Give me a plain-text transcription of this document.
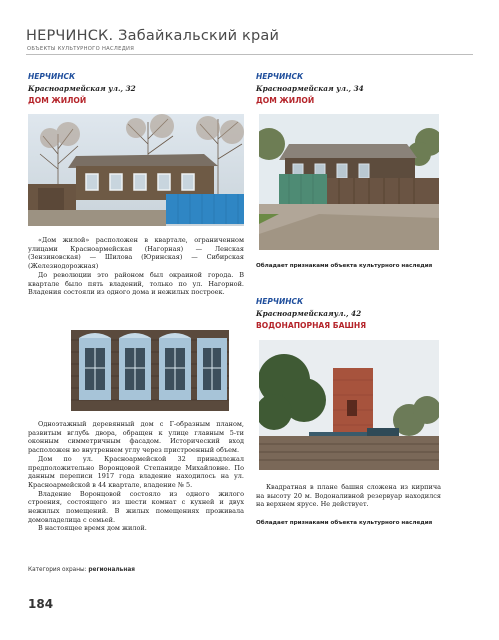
НЕРЧИНСК. Забайкальский край
ОБЪЕКТЫ КУЛЬТУРНОГО НАСЛЕДИЯ
НЕРЧИНСК
Красноармейская ул., 32
ДОМ ЖИЛОЙ

«Дом жилой» расположен в квартале, ограниченном улицами Красноармейская (Нагорная) — Ленская (Зензиновская) — Шилова (Юринская) — Сибирская (Железнодорожная)

До революции это районом был окраиной города. В квартале было пять владений, только по ул. Нагорной. Владения состояли из одного дома и нежилых построек.

Одноэтажный деревянный дом с Г-образным планом, развитым вглубь двора, обращен к улице главным 5-ти оконным симметричным фасадом. Исторический вход расположен во внутреннем углу через пристроенный объем.

Дом по ул. Красноармейской 32 принадлежал предположительно Воронцовой Степаниде Михайловне. По данным переписи 1917 года владение находилось на ул. Красноармейской в 44 квартале, владение № 5.

Владение Воронцовой состояло из одного жилого строения, состоящего из шести комнат с кухней и двух нежилых помещений. В жилых помещениях проживала домовладелица с семьей.

В настоящее время дом жилой.

Категория охраны: региональная
НЕРЧИНСК
Красноармейская ул., 34
ДОМ ЖИЛОЙ
Обладает признаками объекта культурного наследия
НЕРЧИНСК
Красноармейскаяул., 42
ВОДОНАПОРНАЯ БАШНЯ

Квадратная в плане башня сложена из кирпича на высоту 20 м. Водоналивной резервуар находился на верхнем ярусе. Не действует.

Обладает признаками объекта культурного наследия
184
